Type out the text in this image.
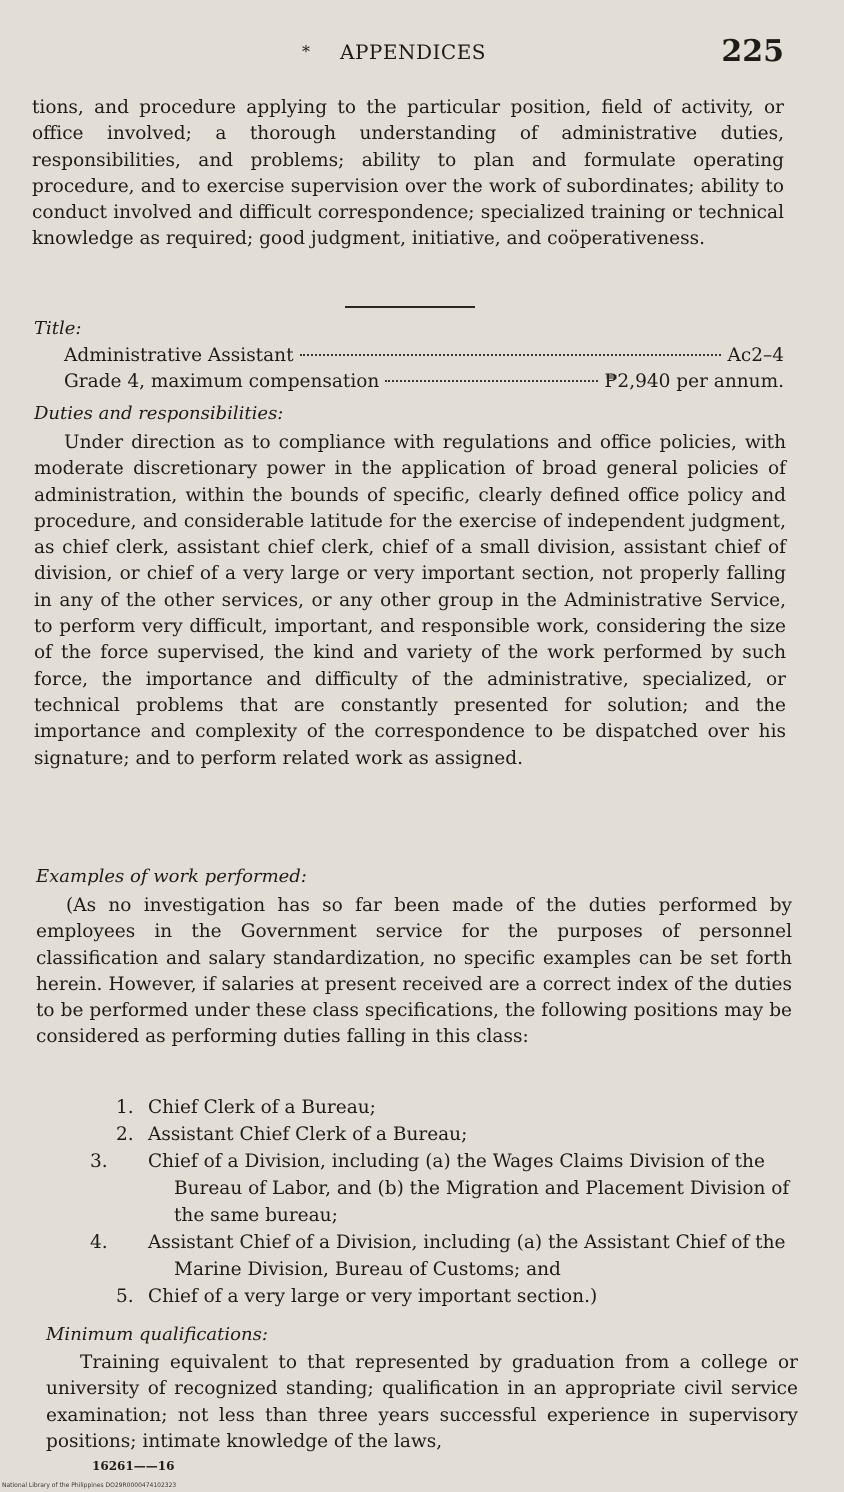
* APPENDICES	225

tions, and procedure applying to the particular position, field of activity, or office involved; a thorough understanding of administrative duties, responsibilities, and problems; ability to plan and formulate operating procedure, and to exercise supervision over the work of subordinates; ability to conduct involved and difficult correspondence; specialized training or technical knowledge as required; good judgment, initiative, and coöperativeness.

Title:
Administrative Assistant	Ac2–4
Grade 4, maximum compensation	₱2,940 per annum.
Duties and responsibilities:

Under direction as to compliance with regulations and office policies, with moderate discretionary power in the application of broad general policies of administration, within the bounds of specific, clearly defined office policy and procedure, and considerable latitude for the exercise of independent judgment, as chief clerk, assistant chief clerk, chief of a small division, assistant chief of division, or chief of a very large or very important section, not properly falling in any of the other services, or any other group in the Administrative Service, to perform very difficult, important, and responsible work, considering the size of the force supervised, the kind and variety of the work performed by such force, the importance and difficulty of the administrative, specialized, or technical problems that are constantly presented for solution; and the importance and complexity of the correspondence to be dispatched over his signature; and to perform related work as assigned.

Examples of work performed:

(As no investigation has so far been made of the duties performed by employees in the Government service for the purposes of personnel classification and salary standardization, no specific examples can be set forth herein. However, if salaries at present received are a correct index of the duties to be performed under these class specifications, the following positions may be considered as performing duties falling in this class:

1. Chief Clerk of a Bureau;
2. Assistant Chief Clerk of a Bureau;
3.	Chief of a Division, including (a) the Wages Claims Division of the Bureau of Labor, and (b) the Migration and Placement Division of the same bureau;
4.	Assistant Chief of a Division, including (a) the Assistant Chief of the Marine Division, Bureau of Customs; and
5. Chief of a very large or very important section.)
Minimum qualifications:

Training equivalent to that represented by graduation from a college or university of recognized standing; qualification in an appropriate civil service examination; not less than three years successful experience in supervisory positions; intimate knowledge of the laws,

16261——16
National Library of the Philippines DO29R0000474102323
